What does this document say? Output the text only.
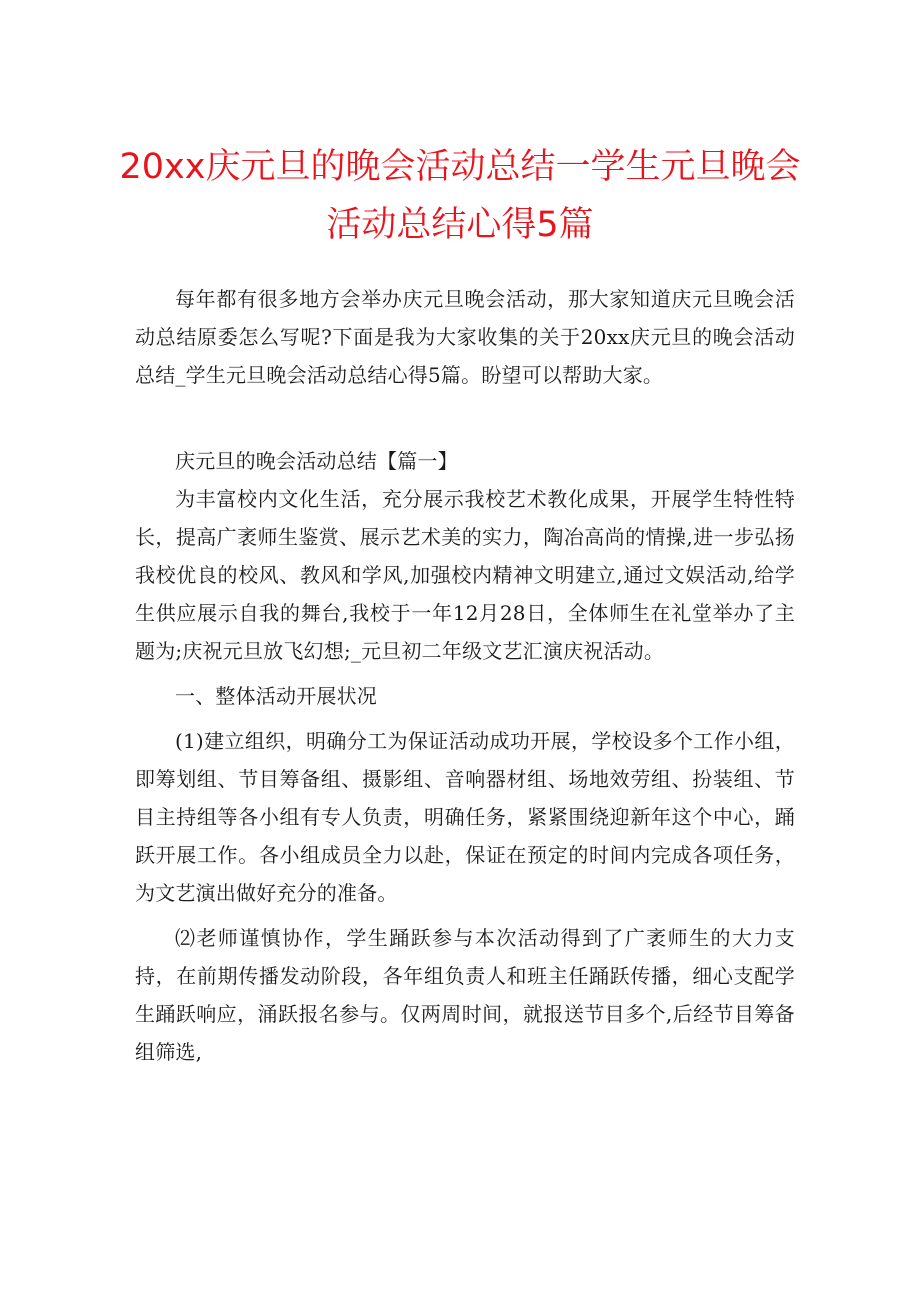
20xx庆元旦的晚会活动总结一学生元旦晚会
活动总结心得5篇

每年都有很多地方会举办庆元旦晚会活动，那大家知道庆元旦晚会活动总结原委怎么写呢?下面是我为大家收集的关于20xx庆元旦的晚会活动总结_学生元旦晚会活动总结心得5篇。盼望可以帮助大家。

庆元旦的晚会活动总结【篇一】

为丰富校内文化生活，充分展示我校艺术教化成果，开展学生特性特长，提高广袤师生鉴赏、展示艺术美的实力，陶冶高尚的情操,进一步弘扬我校优良的校风、教风和学风,加强校内精神文明建立,通过文娱活动,给学生供应展示自我的舞台,我校于一年12月28日，全体师生在礼堂举办了主题为;庆祝元旦放飞幻想;_元旦初二年级文艺汇演庆祝活动。

一、整体活动开展状况

(1)建立组织，明确分工为保证活动成功开展，学校设多个工作小组，即筹划组、节目筹备组、摄影组、音响器材组、场地效劳组、扮装组、节目主持组等各小组有专人负责，明确任务，紧紧围绕迎新年这个中心，踊跃开展工作。各小组成员全力以赴，保证在预定的时间内完成各项任务，为文艺演出做好充分的准备。

⑵老师谨慎协作，学生踊跃参与本次活动得到了广袤师生的大力支持，在前期传播发动阶段，各年组负责人和班主任踊跃传播，细心支配学生踊跃响应，涌跃报名参与。仅两周时间，就报送节目多个,后经节目筹备组筛选,
